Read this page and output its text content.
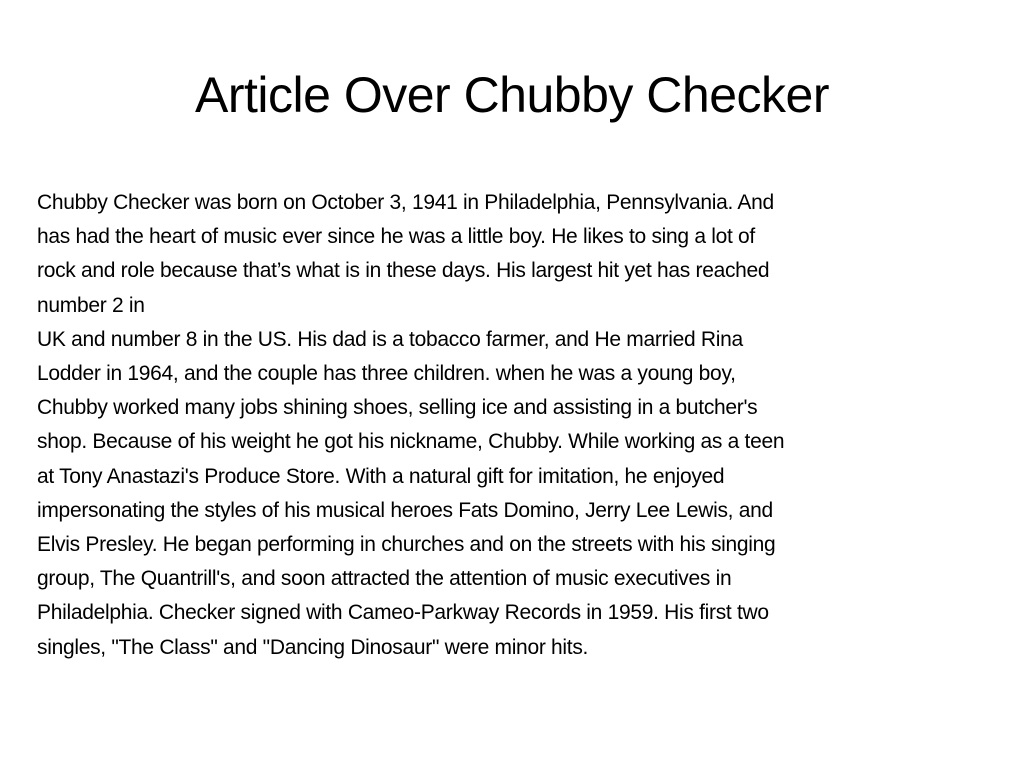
Article Over Chubby Checker
Chubby Checker was born on October 3, 1941 in Philadelphia, Pennsylvania. And
has had the heart of music ever since he was a little boy. He likes to sing a lot of
rock and role because that’s what is in these days. His largest hit yet has reached
number 2 in
UK and number 8 in the US. His dad is a tobacco farmer, and He married Rina
Lodder in 1964, and the couple has three children. when he was a young boy,
Chubby worked many jobs shining shoes, selling ice and assisting in a butcher's
shop. Because of his weight he got his nickname, Chubby. While working as a teen
at Tony Anastazi's Produce Store. With a natural gift for imitation, he enjoyed
impersonating the styles of his musical heroes Fats Domino, Jerry Lee Lewis, and
Elvis Presley. He began performing in churches and on the streets with his singing
group, The Quantrill's, and soon attracted the attention of music executives in
Philadelphia. Checker signed with Cameo-Parkway Records in 1959. His first two
singles, "The Class" and "Dancing Dinosaur" were minor hits.
